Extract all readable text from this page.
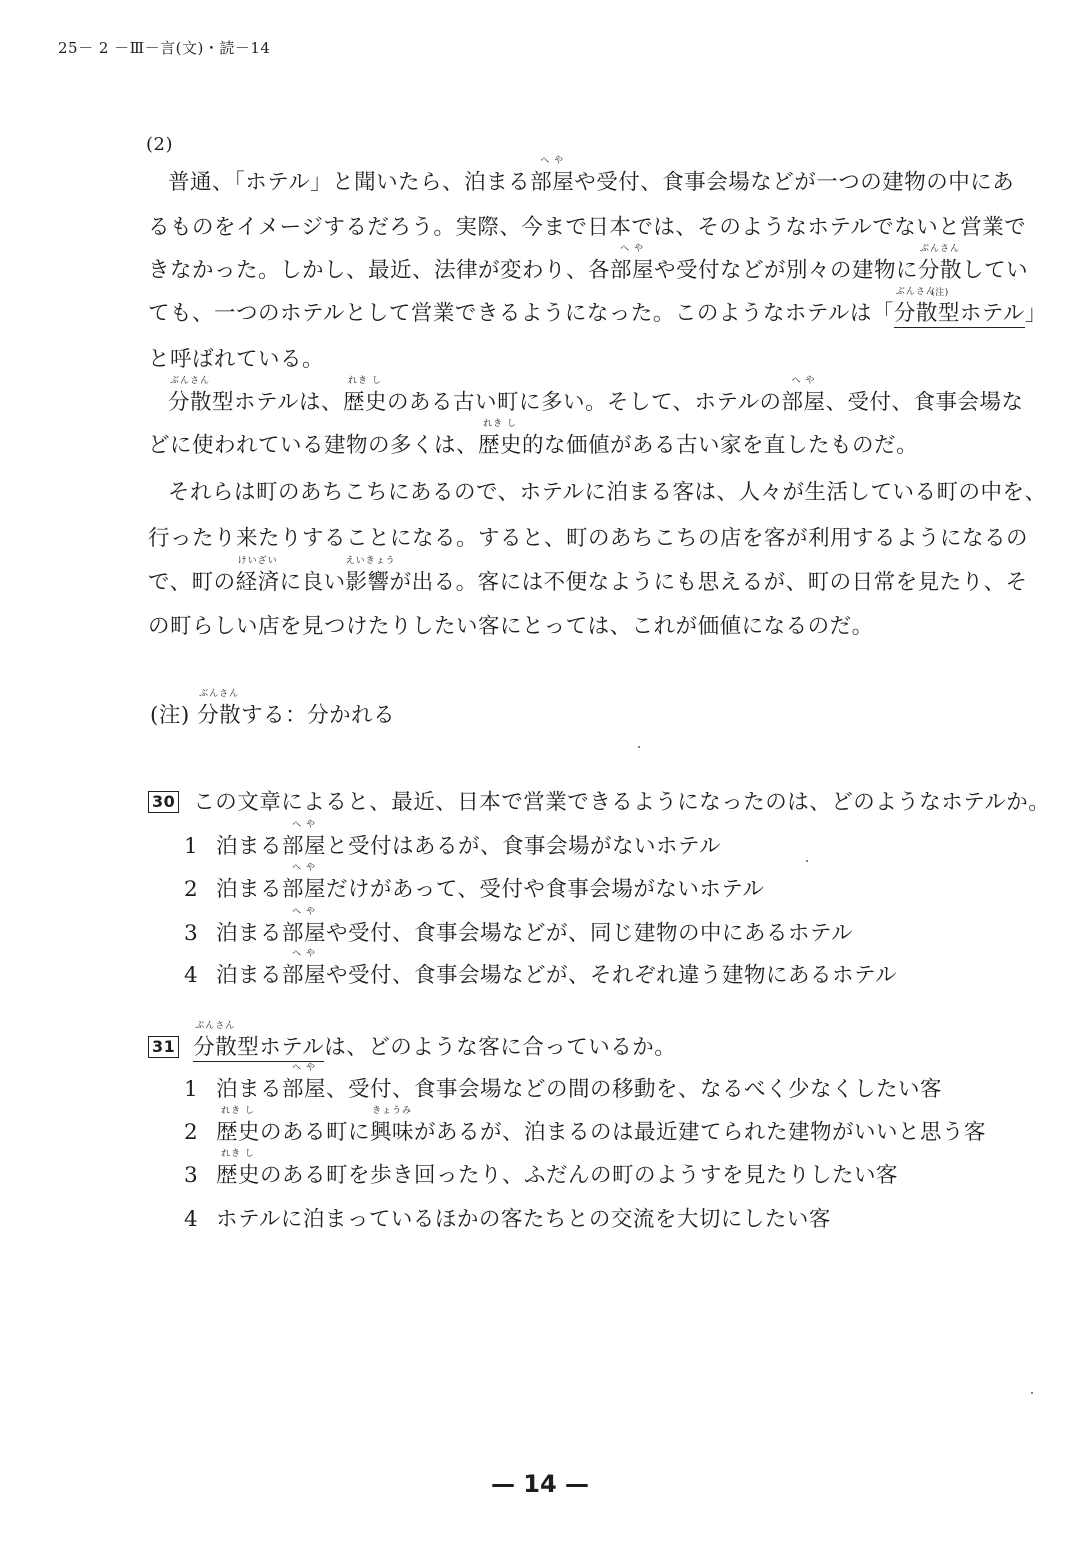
25－ 2 －Ⅲ－言(文)・読－14
(2)
普通、「ホテル」と聞いたら、泊まる部屋
へ や
や受付、食事会場などが一つの建物の中にあ
るものをイメージするだろう。実際、今まで日本では、そのようなホテルでないと営業で
きなかった。しかし、最近、法律が変わり、各部屋
へ や
や受付などが別々の建物に分散
ぶんさん
(注)
してい
ても、一つのホテルとして営業できるようになった。このようなホテルは「分散
ぶんさん
型ホテル」
と呼ばれている。
分散
ぶんさん
型ホテルは、歴史
れき し
のある古い町に多い。そして、ホテルの部屋
へ や
、受付、食事会場な
どに使われている建物の多くは、歴史
れき し
的な価値がある古い家を直したものだ。
それらは町のあちこちにあるので、ホテルに泊まる客は、人々が生活している町の中を、
行ったり来たりすることになる。すると、町のあちこちの店を客が利用するようになるの
で、町の経済
けいざい
に良い影響
えいきょう
が出る。客には不便なようにも思えるが、町の日常を見たり、そ
の町らしい店を見つけたりしたい客にとっては、これが価値になるのだ。
(注) 分散
ぶんさん
する：分かれる
30 この文章によると、最近、日本で営業できるようになったのは、どのようなホテルか。
1 泊まる部屋
へ や
と受付はあるが、食事会場がないホテル
2 泊まる部屋
へ や
だけがあって、受付や食事会場がないホテル
3 泊まる部屋
へ や
や受付、食事会場などが、同じ建物の中にあるホテル
4 泊まる部屋
へ や
や受付、食事会場などが、それぞれ違う建物にあるホテル
31 分散
ぶんさん
型ホテルは、どのような客に合っているか。
1 泊まる部屋
へ や
、受付、食事会場などの間の移動を、なるべく少なくしたい客
2 歴史
れき し
のある町に興味
きょうみ
があるが、泊まるのは最近建てられた建物がいいと思う客
3 歴史
れき し
のある町を歩き回ったり、ふだんの町のようすを見たりしたい客
4 ホテルに泊まっているほかの客たちとの交流を大切にしたい客
— 14 —
